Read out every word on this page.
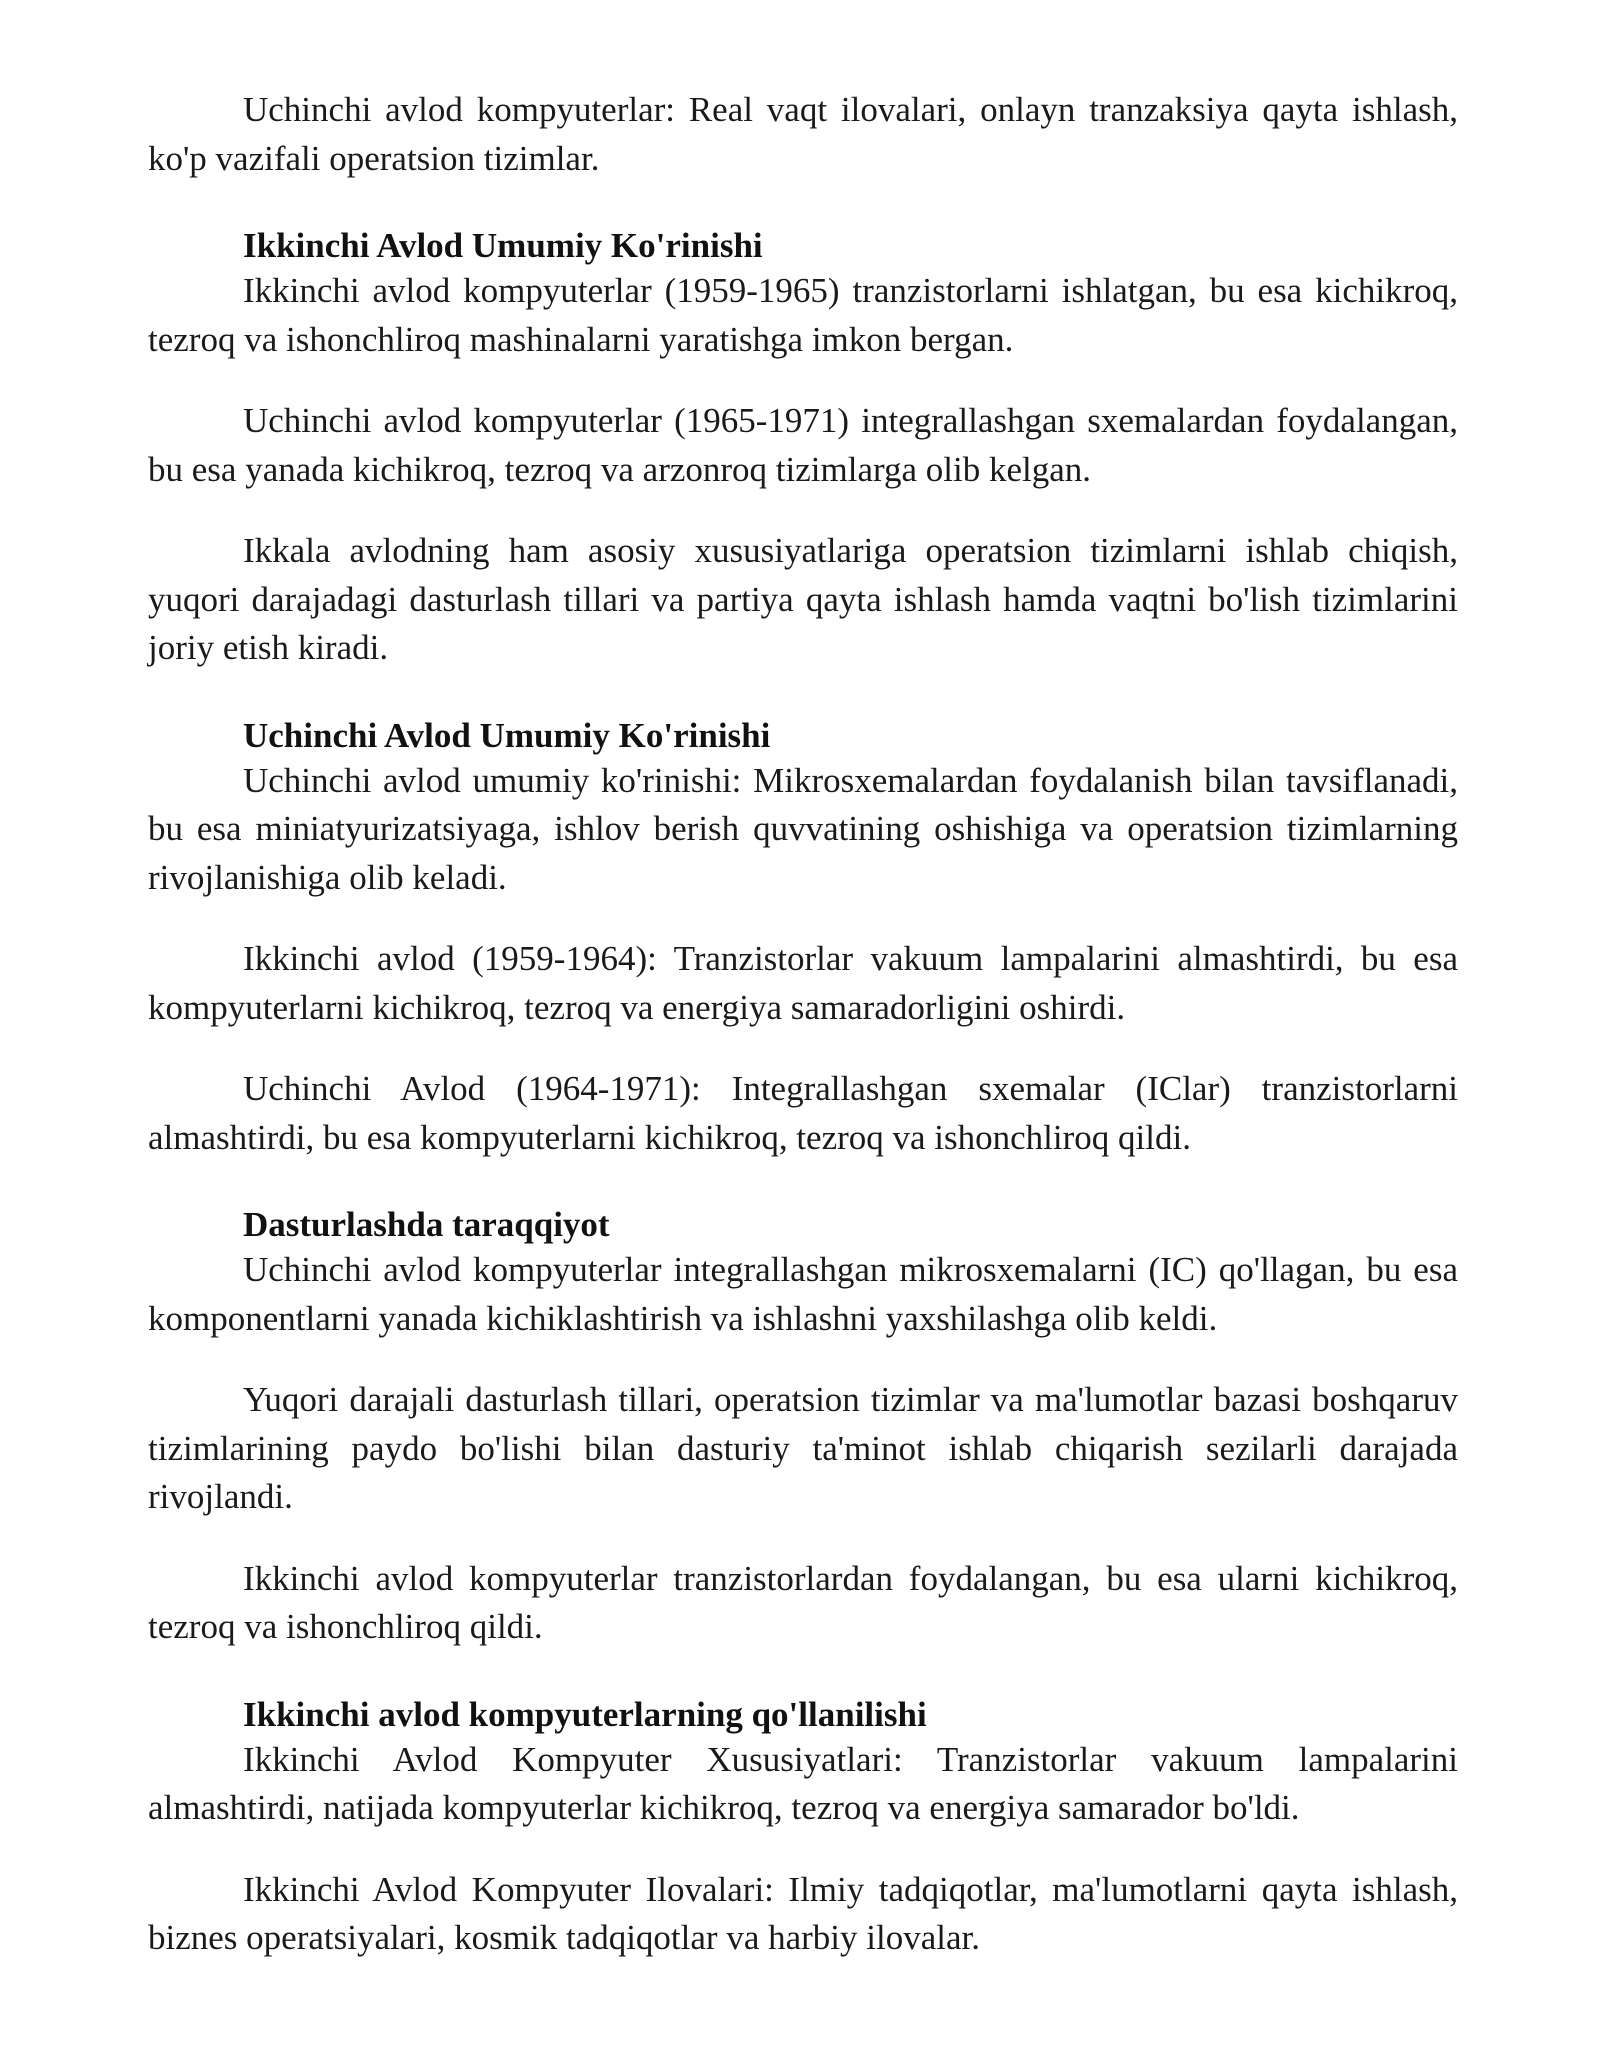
Uchinchi avlod kompyuterlar: Real vaqt ilovalari, onlayn tranzaksiya qayta ishlash, ko'p vazifali operatsion tizimlar.

Ikkinchi Avlod Umumiy Ko'rinishi

Ikkinchi avlod kompyuterlar (1959-1965) tranzistorlarni ishlatgan, bu esa kichikroq, tezroq va ishonchliroq mashinalarni yaratishga imkon bergan.

Uchinchi avlod kompyuterlar (1965-1971) integrallashgan sxemalardan foydalangan, bu esa yanada kichikroq, tezroq va arzonroq tizimlarga olib kelgan.

Ikkala avlodning ham asosiy xususiyatlariga operatsion tizimlarni ishlab chiqish, yuqori darajadagi dasturlash tillari va partiya qayta ishlash hamda vaqtni bo'lish tizimlarini joriy etish kiradi.

Uchinchi Avlod Umumiy Ko'rinishi

Uchinchi avlod umumiy ko'rinishi: Mikrosxemalardan foydalanish bilan tavsiflanadi, bu esa miniatyurizatsiyaga, ishlov berish quvvatining oshishiga va operatsion tizimlarning rivojlanishiga olib keladi.

Ikkinchi avlod (1959-1964): Tranzistorlar vakuum lampalarini almashtirdi, bu esa kompyuterlarni kichikroq, tezroq va energiya samaradorligini oshirdi.

Uchinchi Avlod (1964-1971): Integrallashgan sxemalar (IClar) tranzistorlarni almashtirdi, bu esa kompyuterlarni kichikroq, tezroq va ishonchliroq qildi.

Dasturlashda taraqqiyot

Uchinchi avlod kompyuterlar integrallashgan mikrosxemalarni (IC) qo'llagan, bu esa komponentlarni yanada kichiklashtirish va ishlashni yaxshilashga olib keldi.

Yuqori darajali dasturlash tillari, operatsion tizimlar va ma'lumotlar bazasi boshqaruv tizimlarining paydo bo'lishi bilan dasturiy ta'minot ishlab chiqarish sezilarli darajada rivojlandi.

Ikkinchi avlod kompyuterlar tranzistorlardan foydalangan, bu esa ularni kichikroq, tezroq va ishonchliroq qildi.

Ikkinchi avlod kompyuterlarning qo'llanilishi

Ikkinchi Avlod Kompyuter Xususiyatlari: Tranzistorlar vakuum lampalarini almashtirdi, natijada kompyuterlar kichikroq, tezroq va energiya samarador bo'ldi.

Ikkinchi Avlod Kompyuter Ilovalari: Ilmiy tadqiqotlar, ma'lumotlarni qayta ishlash, biznes operatsiyalari, kosmik tadqiqotlar va harbiy ilovalar.
